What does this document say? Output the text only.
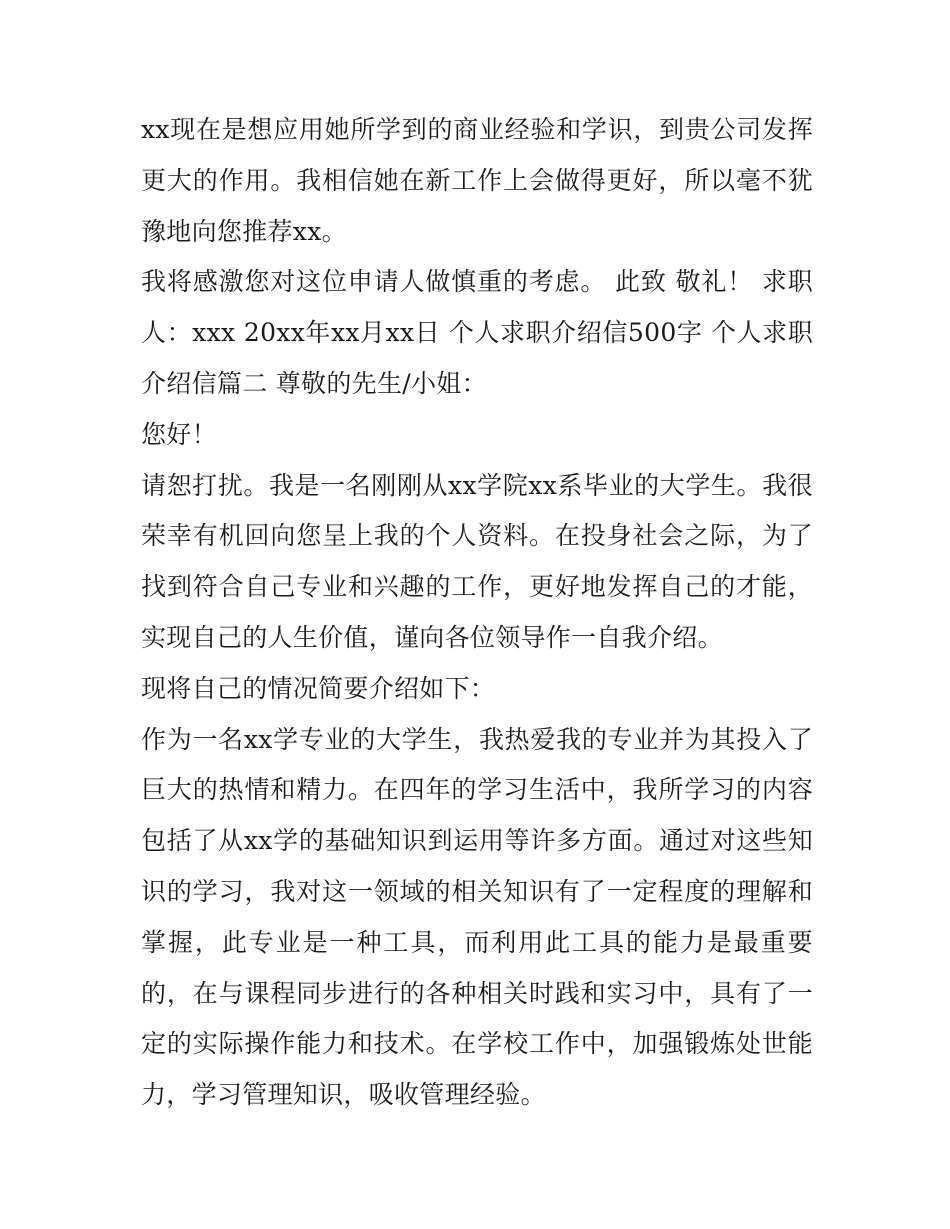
xx现在是想应用她所学到的商业经验和学识，到贵公司发挥更大的作用。我相信她在新工作上会做得更好，所以毫不犹豫地向您推荐xx。

我将感激您对这位申请人做慎重的考虑。 此致 敬礼！ 求职人：xxx 20xx年xx月xx日 个人求职介绍信500字 个人求职介绍信篇二 尊敬的先生/小姐：

您好！

请恕打扰。我是一名刚刚从xx学院xx系毕业的大学生。我很荣幸有机回向您呈上我的个人资料。在投身社会之际，为了找到符合自己专业和兴趣的工作，更好地发挥自己的才能，实现自己的人生价值，谨向各位领导作一自我介绍。

现将自己的情况简要介绍如下：

作为一名xx学专业的大学生，我热爱我的专业并为其投入了巨大的热情和精力。在四年的学习生活中，我所学习的内容包括了从xx学的基础知识到运用等许多方面。通过对这些知识的学习，我对这一领域的相关知识有了一定程度的理解和掌握，此专业是一种工具，而利用此工具的能力是最重要的，在与课程同步进行的各种相关时践和实习中，具有了一定的实际操作能力和技术。在学校工作中，加强锻炼处世能力，学习管理知识，吸收管理经验。
